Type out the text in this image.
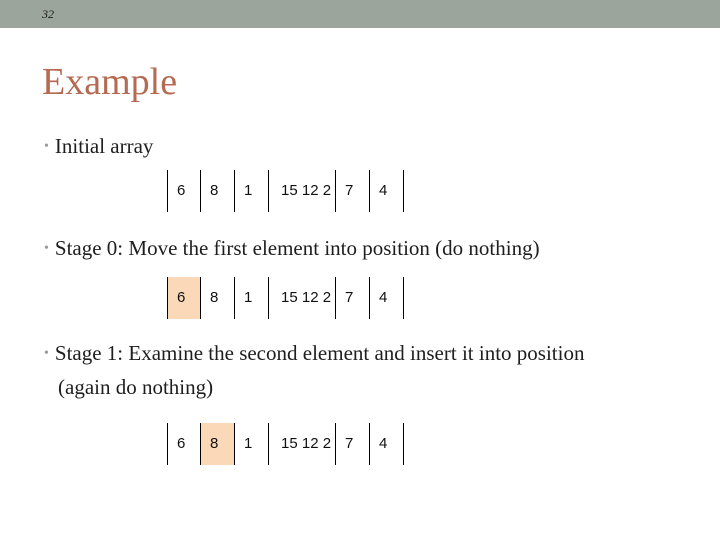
32
Example
• Initial array
6	8	1	15 12 2 7	4
• Stage 0: Move the first element into position (do nothing)
6	8	1	15 12 2 7	4
• Stage 1: Examine the second element and insert it into position
(again do nothing)
6	8	1	15 12 2 7	4
